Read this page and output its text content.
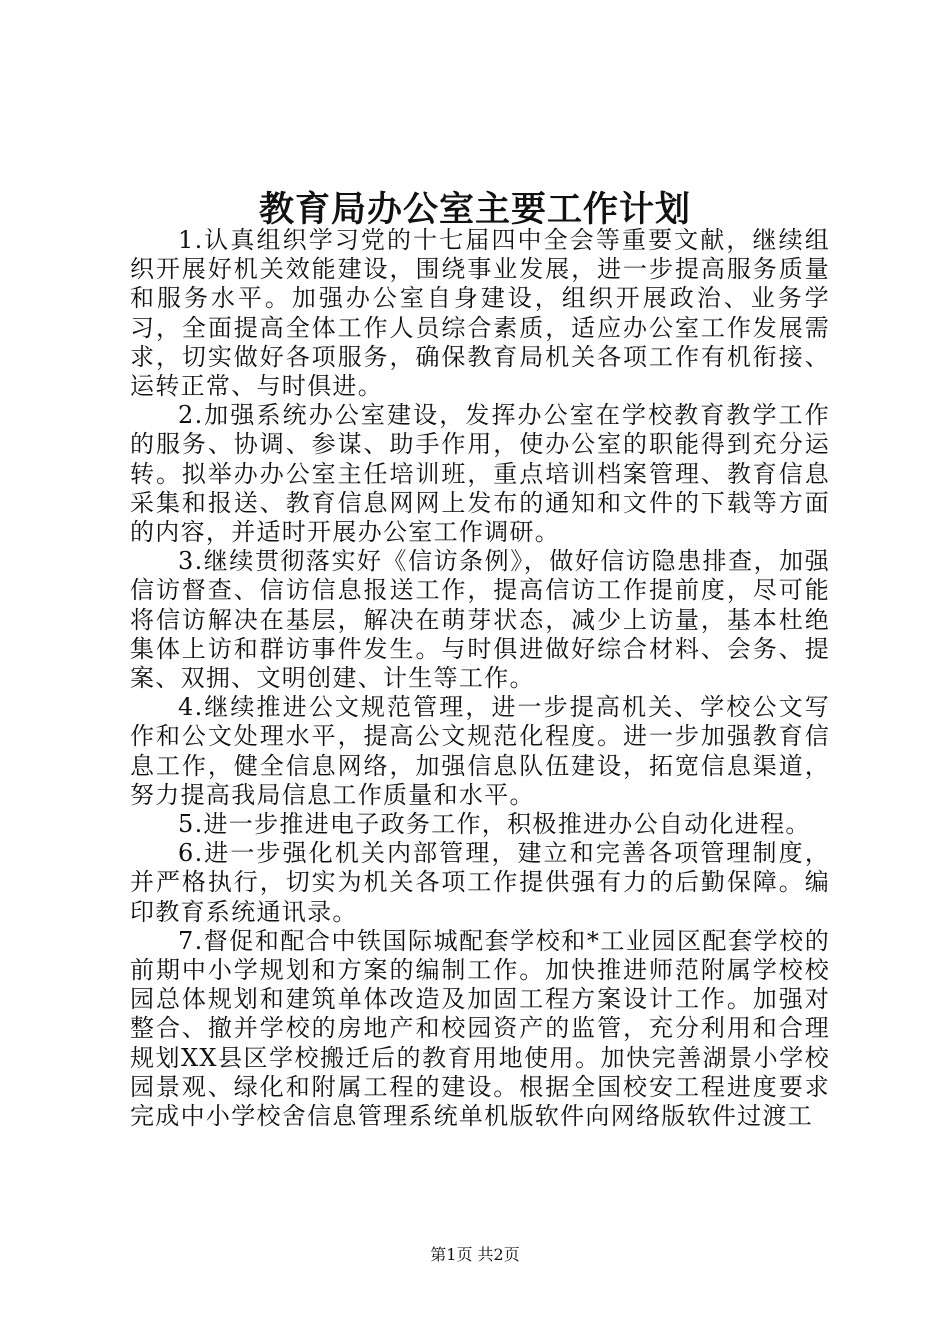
教育局办公室主要工作计划

1.认真组织学习党的十七届四中全会等重要文献，继续组织开展好机关效能建设，围绕事业发展，进一步提高服务质量和服务水平。加强办公室自身建设，组织开展政治、业务学习，全面提高全体工作人员综合素质，适应办公室工作发展需求，切实做好各项服务，确保教育局机关各项工作有机衔接、运转正常、与时俱进。

2.加强系统办公室建设，发挥办公室在学校教育教学工作的服务、协调、参谋、助手作用，使办公室的职能得到充分运转。拟举办办公室主任培训班，重点培训档案管理、教育信息采集和报送、教育信息网网上发布的通知和文件的下载等方面的内容，并适时开展办公室工作调研。

3.继续贯彻落实好《信访条例》，做好信访隐患排查，加强信访督查、信访信息报送工作，提高信访工作提前度，尽可能将信访解决在基层，解决在萌芽状态，减少上访量，基本杜绝集体上访和群访事件发生。与时俱进做好综合材料、会务、提案、双拥、文明创建、计生等工作。

4.继续推进公文规范管理，进一步提高机关、学校公文写作和公文处理水平，提高公文规范化程度。进一步加强教育信息工作，健全信息网络，加强信息队伍建设，拓宽信息渠道，努力提高我局信息工作质量和水平。

5.进一步推进电子政务工作，积极推进办公自动化进程。

6.进一步强化机关内部管理，建立和完善各项管理制度，并严格执行，切实为机关各项工作提供强有力的后勤保障。编印教育系统通讯录。

7.督促和配合中铁国际城配套学校和*工业园区配套学校的前期中小学规划和方案的编制工作。加快推进师范附属学校校园总体规划和建筑单体改造及加固工程方案设计工作。加强对整合、撤并学校的房地产和校园资产的监管，充分利用和合理规划XX县区学校搬迁后的教育用地使用。加快完善湖景小学校园景观、绿化和附属工程的建设。根据全国校安工程进度要求完成中小学校舍信息管理系统单机版软件向网络版软件过渡工

第1页 共2页
